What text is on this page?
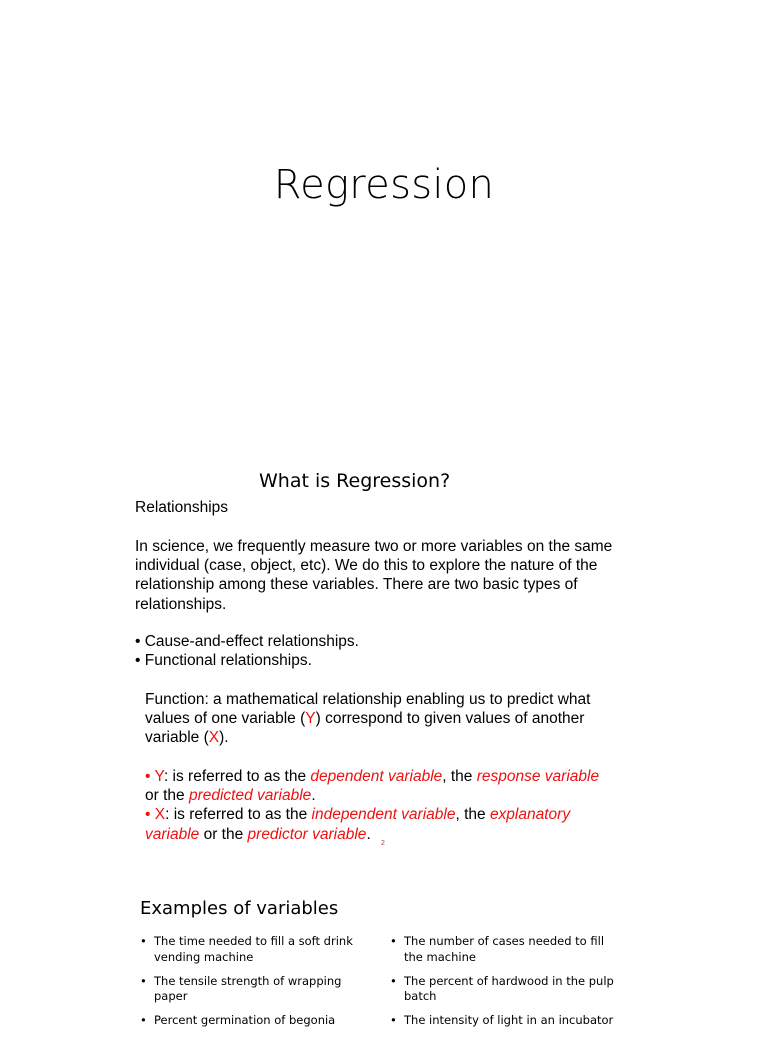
Regression
What is Regression?

Relationships

In science, we frequently measure two or more variables on the same individual (case, object, etc). We do this to explore the nature of the relationship among these variables. There are two basic types of relationships.

• Cause-and-effect relationships.
• Functional relationships.

Function: a mathematical relationship enabling us to predict what values of one variable (Y) correspond to given values of another variable (X).

• Y: is referred to as the dependent variable, the response variable or the predicted variable.
• X: is referred to as the independent variable, the explanatory variable or the predictor variable.
2
Examples of variables
• The time needed to fill a soft drink vending machine
• The tensile strength of wrapping paper
• Percent germination of begonia
• The number of cases needed to fill the machine
• The percent of hardwood in the pulp batch
• The intensity of light in an incubator
